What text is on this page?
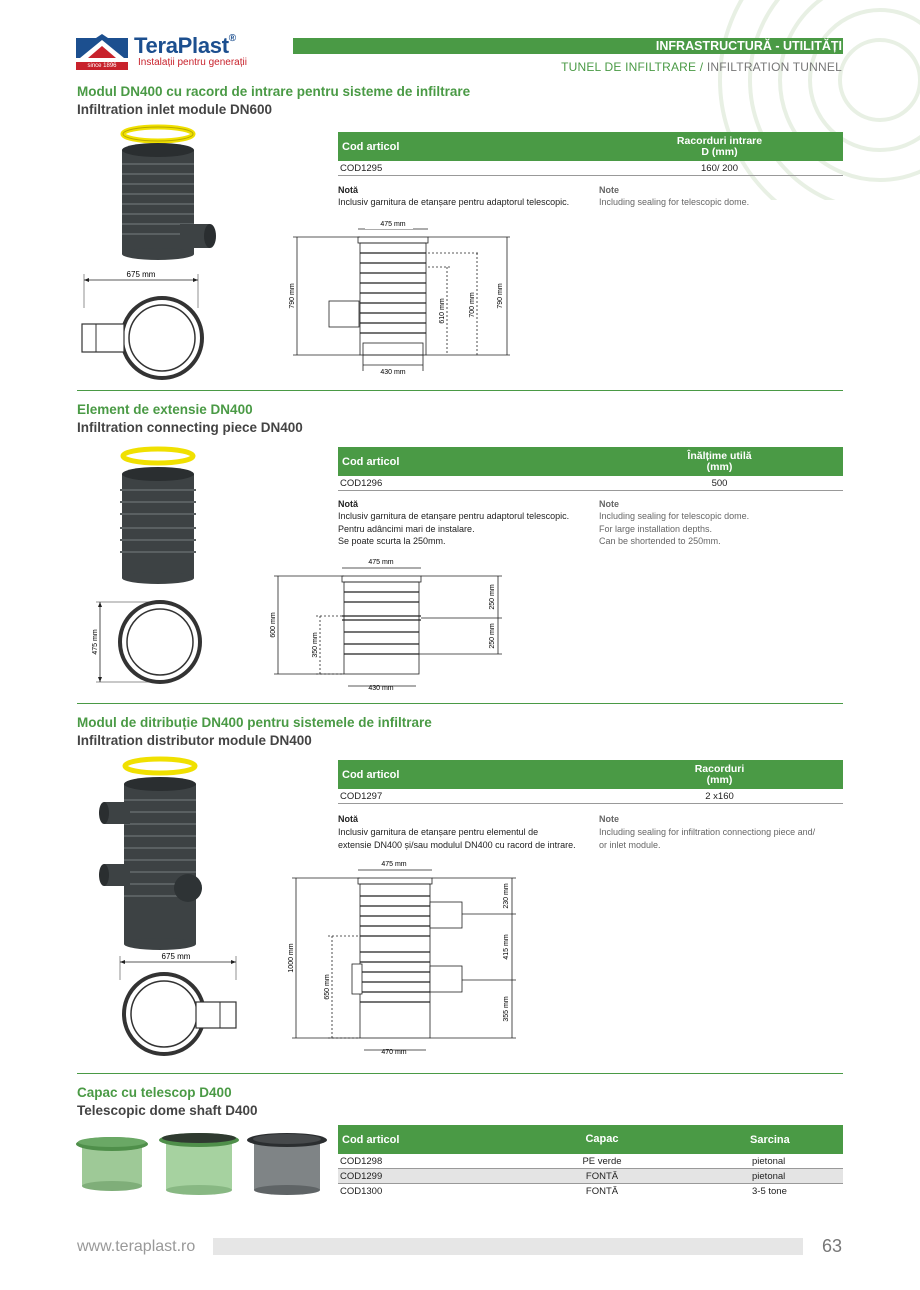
TeraPlast®
since 1896	Instalații pentru generații
INFRASTRUCTURĂ - UTILITĂȚI
TUNEL DE INFILTRARE / INFILTRATION TUNNEL
Modul DN400 cu racord de intrare pentru sisteme de infiltrare
Infiltration inlet module DN600
Cod articol	Racorduri intrare
D (mm)
COD1295	160/ 200
Notă
Inclusiv garnitura de etanșare pentru adaptorul telescopic.
Note
Including sealing for telescopic dome.
675 mm
475 mm
430 mm
790 mm
610 mm	700 mm	790 mm
Element de extensie DN400
Infiltration connecting piece DN400
Cod articol	Înălțime utilă
(mm)
COD1296	500
Notă
Inclusiv garnitura de etanșare pentru adaptorul telescopic.
Pentru adâncimi mari de instalare.
Se poate scurta la 250mm.
Note
Including sealing for telescopic dome.
For large installation depths.
Can be shortended to 250mm.
475 mm
475 mm
430 mm
600 mm
350 mm
250 mm
250 mm
Modul de ditribuție DN400 pentru sistemele de infiltrare
Infiltration distributor module DN400
Cod articol	Racorduri
(mm)
COD1297	2 x160
Notă
Inclusiv garnitura de etanșare pentru elementul de
extensie DN400 și/sau modulul DN400 cu racord de intrare.
Note
Including sealing for infiltration connectiong piece and/
or inlet module.
675 mm
475 mm
470 mm
1000 mm
650 mm
230 mm
415 mm
355 mm
Capac cu telescop D400
Telescopic dome shaft D400
Cod articol	Capac	Sarcina
COD1298	PE verde	pietonal
COD1299	FONTĂ	pietonal
COD1300	FONTĂ	3-5 tone
www.teraplast.ro	63
